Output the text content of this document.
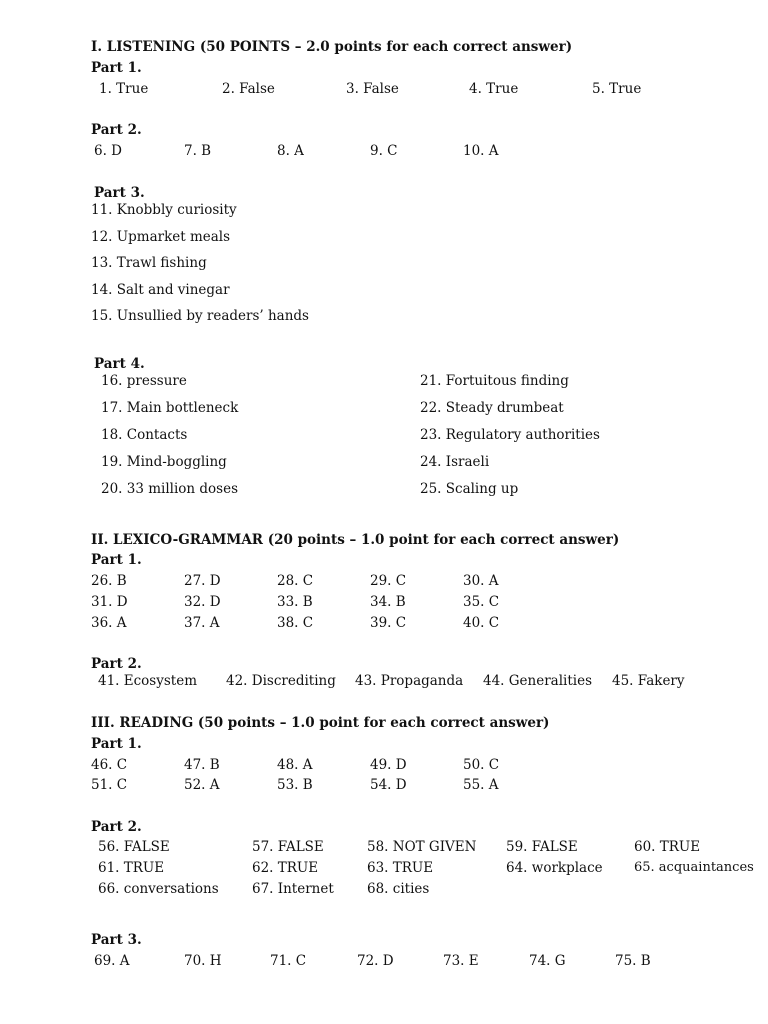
I. LISTENING (50 POINTS – 2.0 points for each correct answer)
Part 1.
1. True	2. False	3. False	4. True	5. True
Part 2.
6. D	7. B	8. A	9. C	10. A
Part 3.
11. Knobbly curiosity
12. Upmarket meals
13. Trawl fishing
14. Salt and vinegar
15. Unsullied by readers’ hands
Part 4.
16. pressure
17. Main bottleneck
18. Contacts
19. Mind-boggling
20. 33 million doses
21. Fortuitous finding
22. Steady drumbeat
23. Regulatory authorities
24. Israeli
25. Scaling up
II. LEXICO-GRAMMAR (20 points – 1.0 point for each correct answer)
Part 1.
26. B	27. D	28. C	29. C	30. A
31. D	32. D	33. B	34. B	35. C
36. A	37. A	38. C	39. C	40. C
Part 2.
41. Ecosystem 42. Discrediting 43. Propaganda 44. Generalities 45. Fakery
III. READING (50 points – 1.0 point for each correct answer)
Part 1.
46. C	47. B	48. A	49. D	50. C
51. C	52. A	53. B	54. D	55. A
Part 2.
56. FALSE	57. FALSE	58. NOT GIVEN 59. FALSE	60. TRUE
61. TRUE	62. TRUE	63. TRUE	64. workplace 65. acquaintances
66. conversations 67. Internet 68. cities
Part 3.
69. A	70. H	71. C	72. D	73. E	74. G	75. B
